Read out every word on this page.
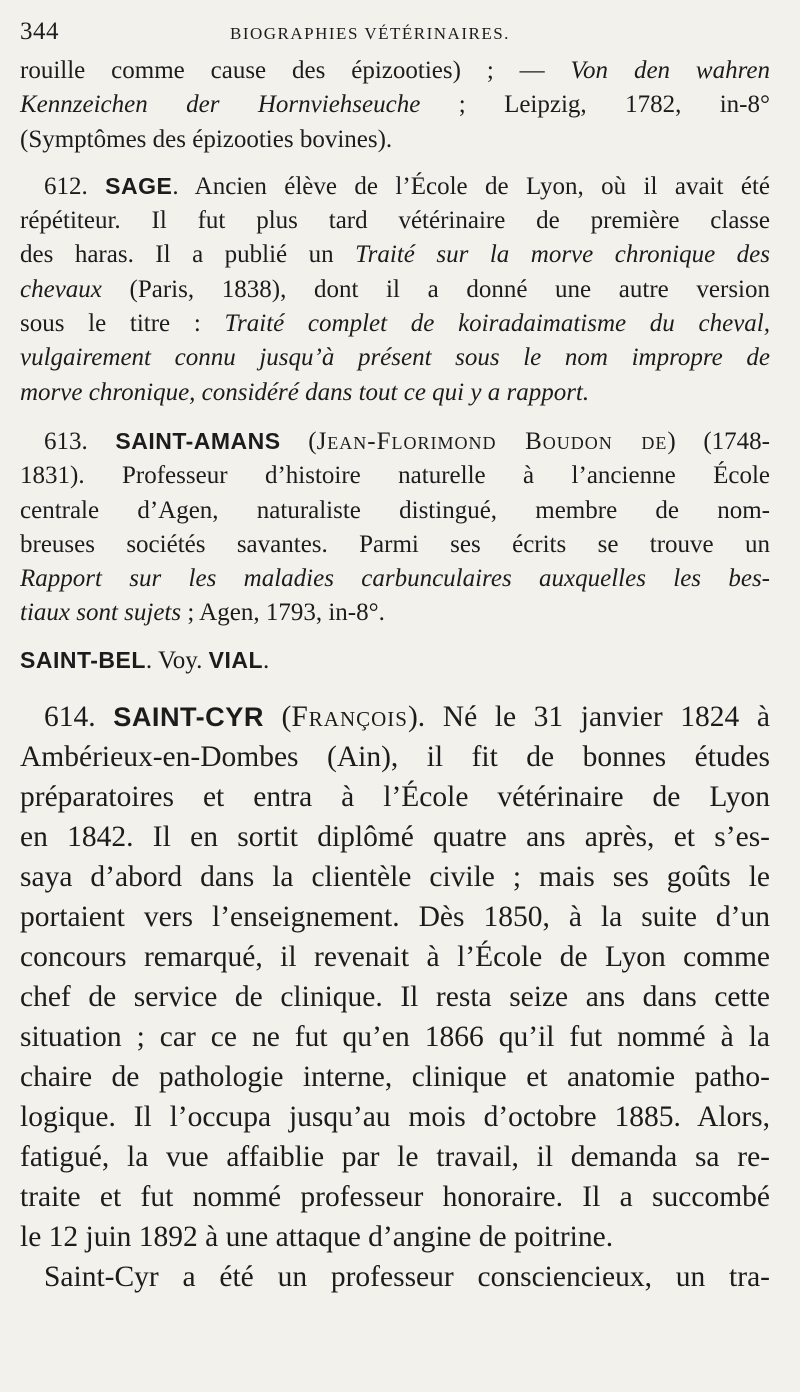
344	BIOGRAPHIES VÉTÉRINAIRES.
rouille comme cause des épizooties) ; — Von den wahren
Kennzeichen der Hornviehseuche ; Leipzig, 1782, in-8°
(Symptômes des épizooties bovines).
612. SAGE. Ancien élève de l’École de Lyon, où il avait été
répétiteur. Il fut plus tard vétérinaire de première classe
des haras. Il a publié un Traité sur la morve chronique des
chevaux (Paris, 1838), dont il a donné une autre version
sous le titre : Traité complet de koiradaimatisme du cheval,
vulgairement connu jusqu’à présent sous le nom impropre de
morve chronique, considéré dans tout ce qui y a rapport.
613. SAINT-AMANS (Jean-Florimond Boudon de) (1748-
1831). Professeur d’histoire naturelle à l’ancienne École
centrale d’Agen, naturaliste distingué, membre de nom-
breuses sociétés savantes. Parmi ses écrits se trouve un
Rapport sur les maladies carbunculaires auxquelles les bes-
tiaux sont sujets ; Agen, 1793, in-8°.
SAINT-BEL. Voy. VIAL.
614. SAINT-CYR (François). Né le 31 janvier 1824 à
Ambérieux-en-Dombes (Ain), il fit de bonnes études
préparatoires et entra à l’École vétérinaire de Lyon
en 1842. Il en sortit diplômé quatre ans après, et s’es-
saya d’abord dans la clientèle civile ; mais ses goûts le
portaient vers l’enseignement. Dès 1850, à la suite d’un
concours remarqué, il revenait à l’École de Lyon comme
chef de service de clinique. Il resta seize ans dans cette
situation ; car ce ne fut qu’en 1866 qu’il fut nommé à la
chaire de pathologie interne, clinique et anatomie patho-
logique. Il l’occupa jusqu’au mois d’octobre 1885. Alors,
fatigué, la vue affaiblie par le travail, il demanda sa re-
traite et fut nommé professeur honoraire. Il a succombé
le 12 juin 1892 à une attaque d’angine de poitrine.
Saint-Cyr a été un professeur consciencieux, un tra-
